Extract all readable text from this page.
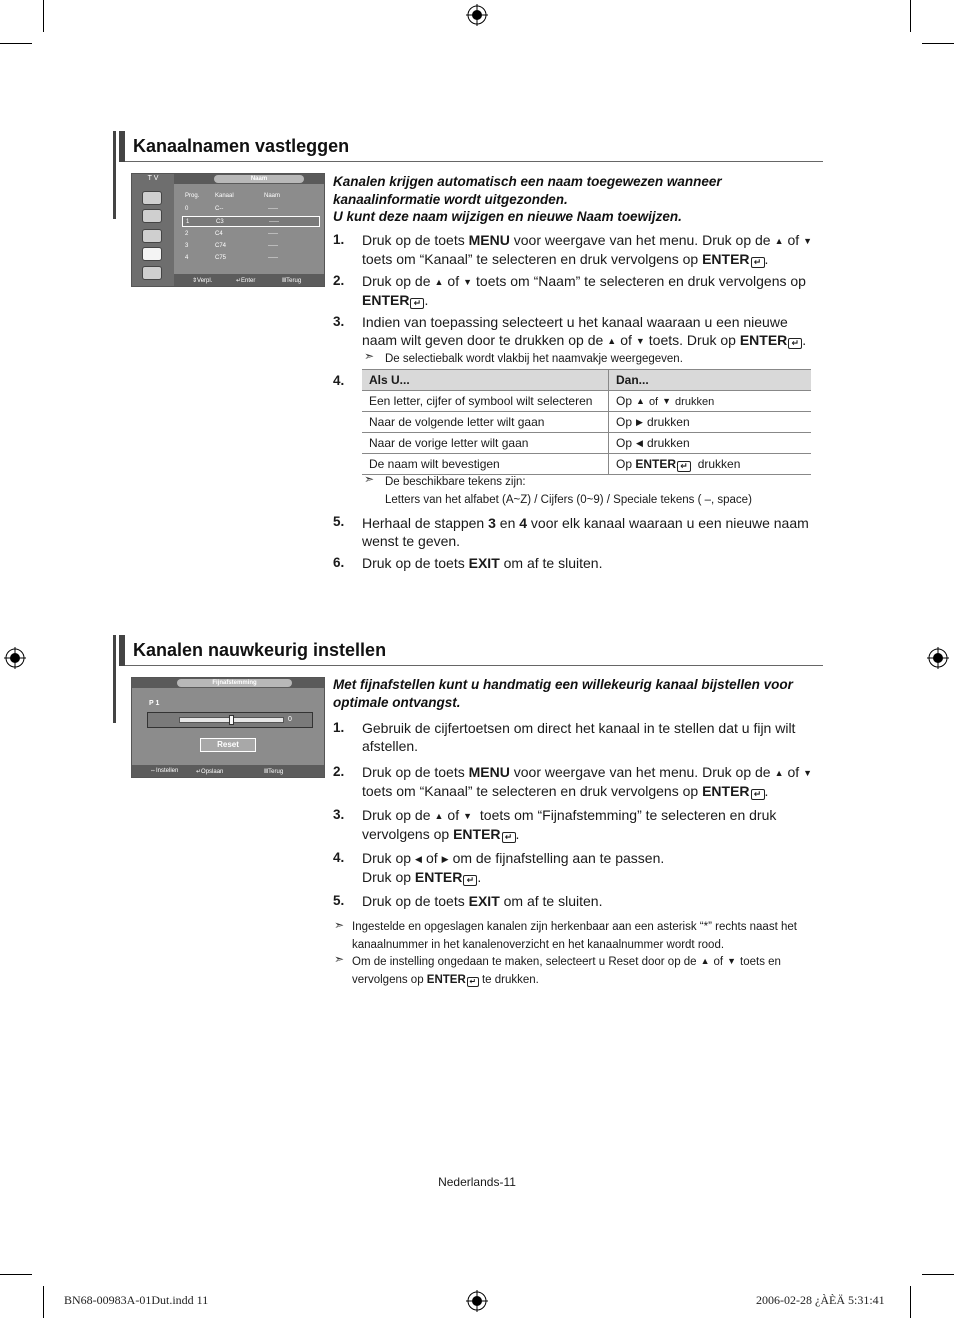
Kanaalnamen vastleggen
T V	Naam
Prog.	Kanaal	Naam
0	C--	-----
1	C3	-----
2	C4	-----
3	C74	-----
4	C75	-----
⇕Verpl.	↵Enter	ⅢTerug
Kanalen krijgen automatisch een naam toegewezen wanneer
kanaalinformatie wordt uitgezonden.
U kunt deze naam wijzigen en nieuwe Naam toewijzen.
1. Druk op de toets MENU voor weergave van het menu. Druk op de ▲ of ▼
toets om “Kanaal” te selecteren en druk vervolgens op ENTER ↵ .
2. Druk op de ▲ of ▼ toets om “Naam” te selecteren en druk vervolgens op
ENTER ↵ .
3. Indien van toepassing selecteert u het kanaal waaraan u een nieuwe
naam wilt geven door te drukken op de ▲ of ▼ toets. Druk op ENTER ↵ .
➣ De selectiebalk wordt vlakbij het naamvakje weergegeven.
4. Als U...	Dan...
Een letter, cijfer of symbool wilt selecteren	Op ▲ of ▼ drukken
Naar de volgende letter wilt gaan	Op ▶ drukken
Naar de vorige letter wilt gaan	Op ◀ drukken
De naam wilt bevestigen	Op ENTER ↵ drukken
➣ De beschikbare tekens zijn:
Letters van het alfabet (A~Z) / Cijfers (0~9) / Speciale tekens ( –, space)
5. Herhaal de stappen 3 en 4 voor elk kanaal waaraan u een nieuwe naam
wenst te geven.
6. Druk op de toets EXIT om af te sluiten.
Kanalen nauwkeurig instellen
Fijnafstemming
P 1
0
Reset
⇔Instellen	↵Opslaan	ⅢTerug
Met fijnafstellen kunt u handmatig een willekeurig kanaal bijstellen voor
optimale ontvangst.
1. Gebruik de cijfertoetsen om direct het kanaal in te stellen dat u fijn wilt
afstellen.
2. Druk op de toets MENU voor weergave van het menu. Druk op de ▲ of ▼
toets om “Kanaal” te selecteren en druk vervolgens op ENTER ↵ .
3. Druk op de ▲ of ▼ toets om “Fijnafstemming” te selecteren en druk
vervolgens op ENTER ↵ .
4. Druk op ◀ of ▶ om de fijnafstelling aan te passen.
Druk op ENTER ↵ .
5. Druk op de toets EXIT om af te sluiten.
➣ Ingestelde en opgeslagen kanalen zijn herkenbaar aan een asterisk “*” rechts naast het
kanaalnummer in het kanalenoverzicht en het kanaalnummer wordt rood.
➣ Om de instelling ongedaan te maken, selecteert u Reset door op de ▲ of ▼ toets en
vervolgens op ENTER ↵ te drukken.
Nederlands-11
BN68-00983A-01Dut.indd 11	2006-02-28 ¿ÀÈÄ 5:31:41
